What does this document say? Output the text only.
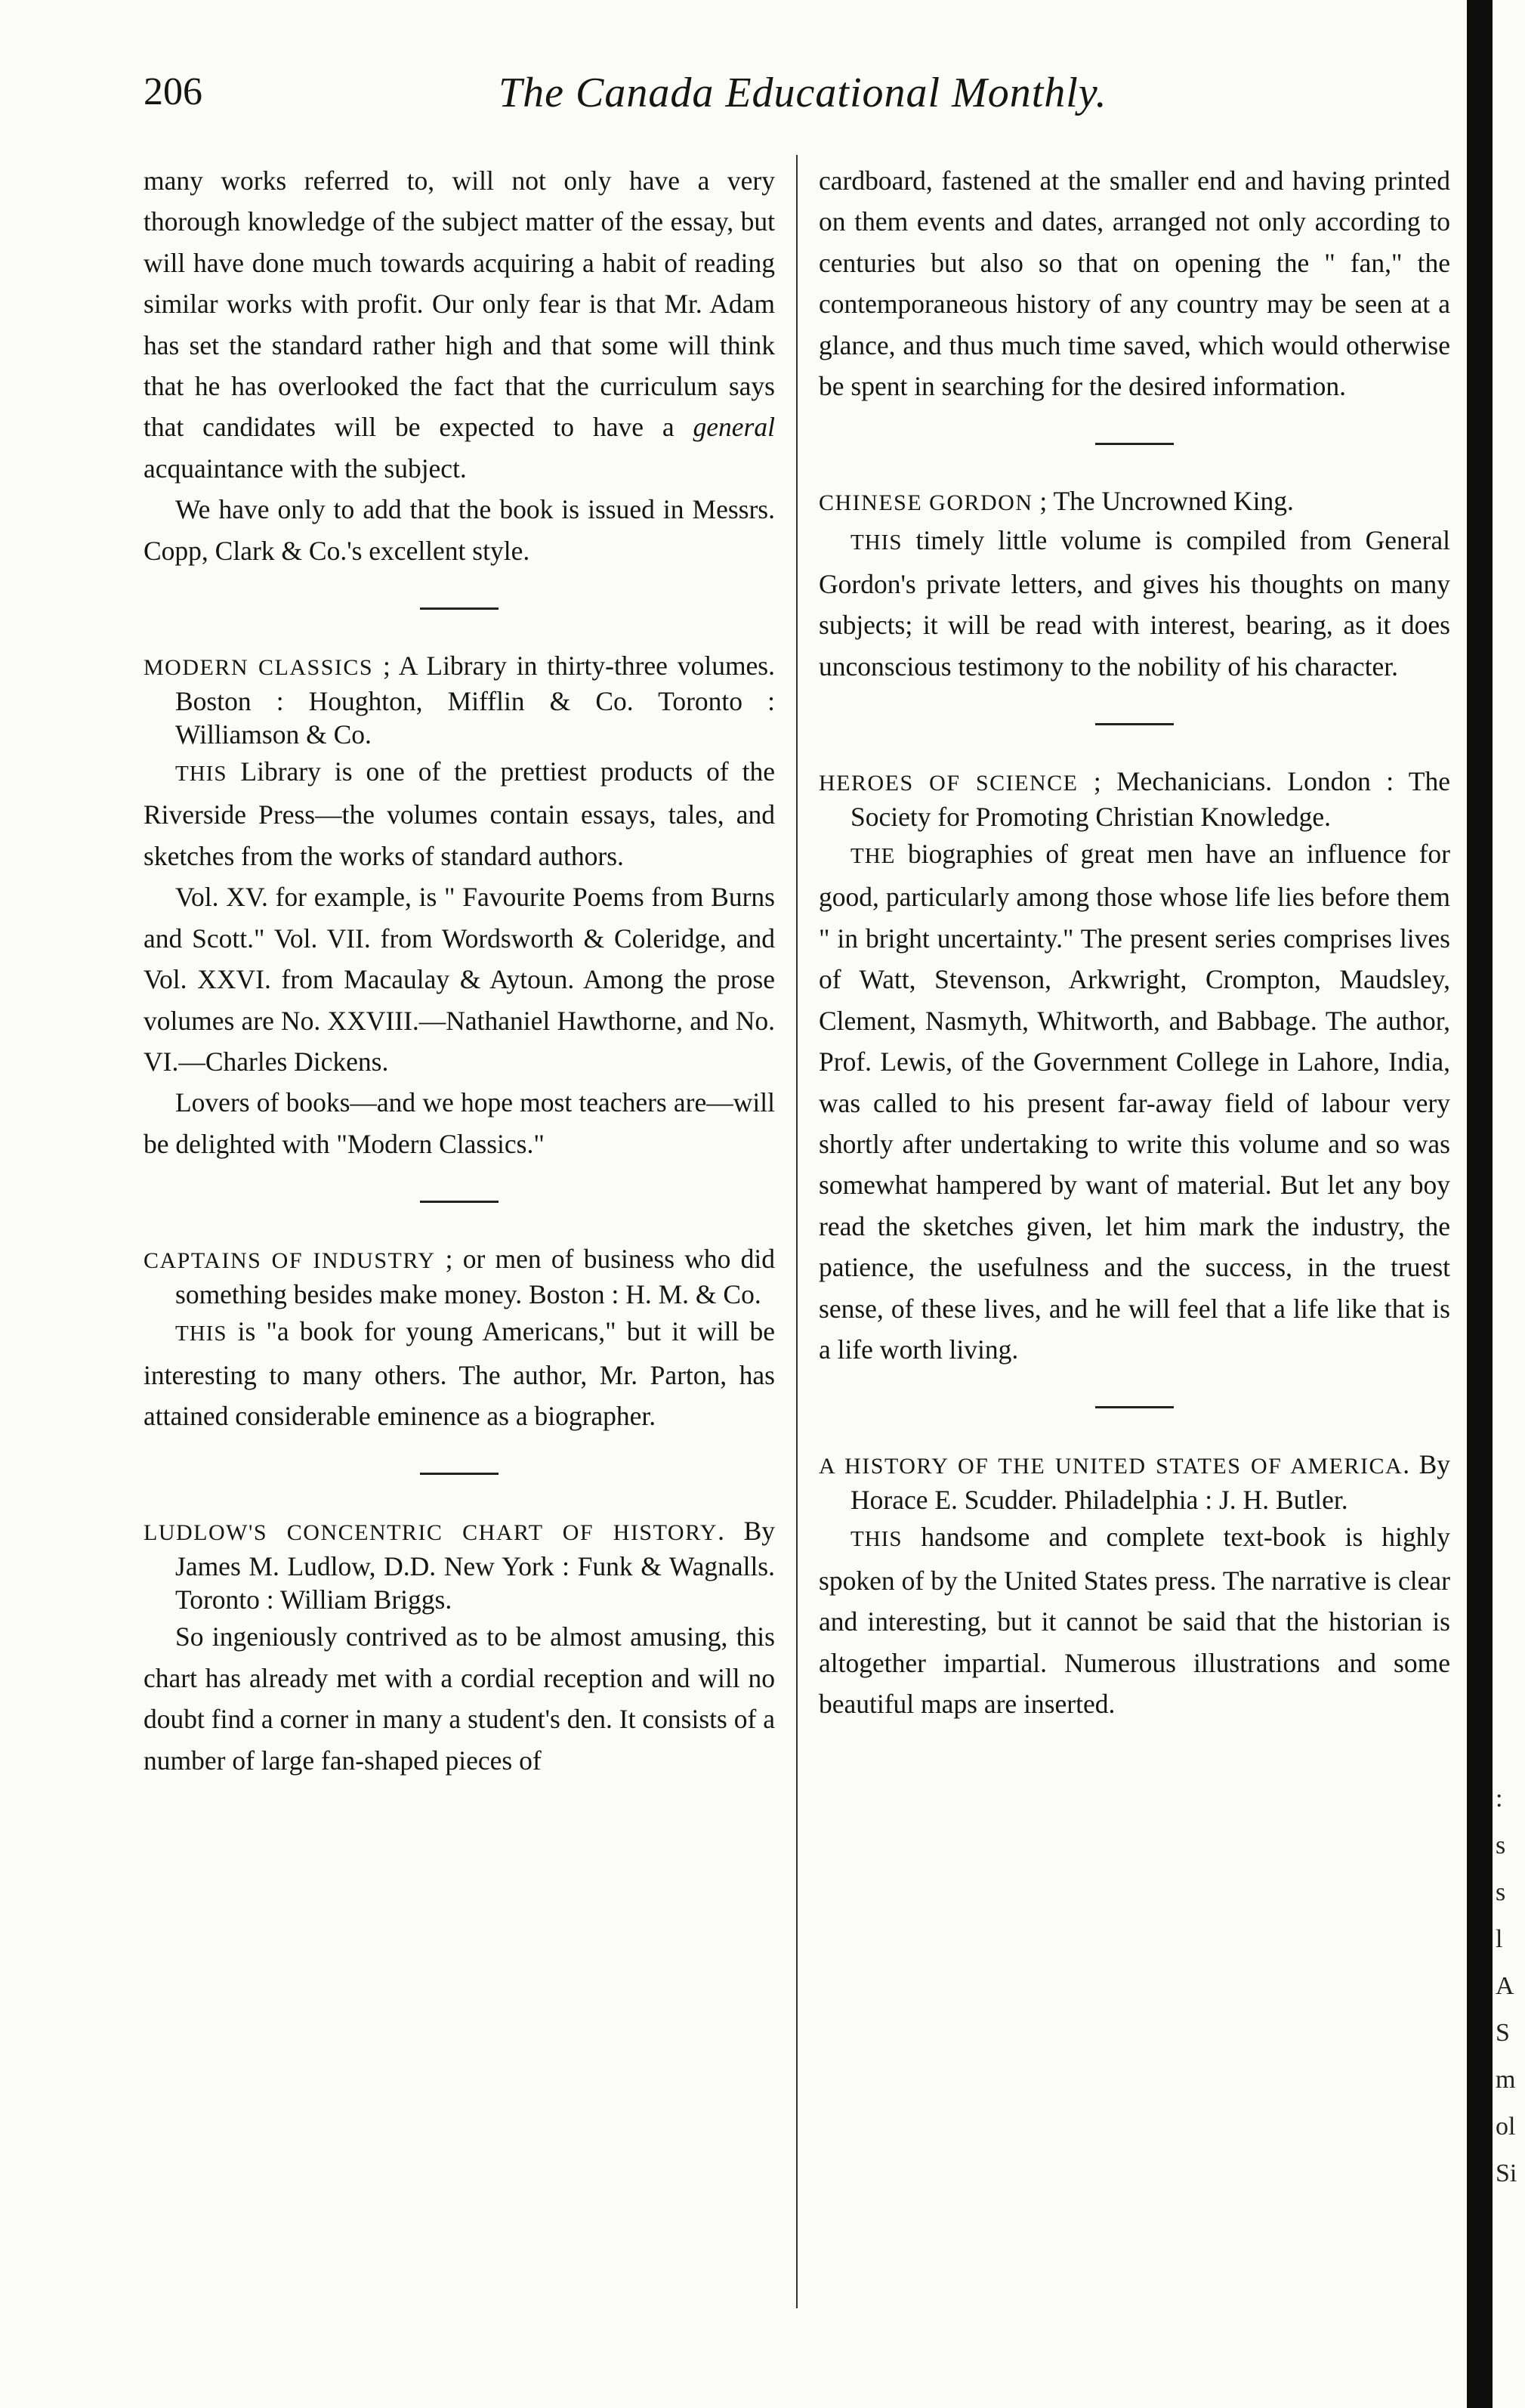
206	The Canada Educational Monthly.
:
s
s
l
A
S
m
ol
Si

many works referred to, will not only have a very thorough knowledge of the subject matter of the essay, but will have done much towards acquiring a habit of reading similar works with profit. Our only fear is that Mr. Adam has set the standard rather high and that some will think that he has overlooked the fact that the curriculum says that candidates will be expected to have a general acquaintance with the subject.

We have only to add that the book is issued in Messrs. Copp, Clark & Co.'s excellent style.

MODERN CLASSICS ; A Library in thirty-three volumes. Boston : Houghton, Mifflin & Co. Toronto : Williamson & Co.

THIS Library is one of the prettiest products of the Riverside Press—the volumes contain essays, tales, and sketches from the works of standard authors.

Vol. XV. for example, is " Favourite Poems from Burns and Scott." Vol. VII. from Wordsworth & Coleridge, and Vol. XXVI. from Macaulay & Aytoun. Among the prose volumes are No. XXVIII.—Nathaniel Hawthorne, and No. VI.—Charles Dickens.

Lovers of books—and we hope most teachers are—will be delighted with "Modern Classics."

CAPTAINS OF INDUSTRY ; or men of business who did something besides make money. Boston : H. M. & Co.

THIS is "a book for young Americans," but it will be interesting to many others. The author, Mr. Parton, has attained considerable eminence as a biographer.

LUDLOW'S CONCENTRIC CHART OF HISTORY. By James M. Ludlow, D.D. New York : Funk & Wagnalls. Toronto : William Briggs.

So ingeniously contrived as to be almost amusing, this chart has already met with a cordial reception and will no doubt find a corner in many a student's den. It consists of a number of large fan-shaped pieces of

cardboard, fastened at the smaller end and having printed on them events and dates, arranged not only according to centuries but also so that on opening the " fan," the contemporaneous history of any country may be seen at a glance, and thus much time saved, which would otherwise be spent in searching for the desired information.

CHINESE GORDON ; The Uncrowned King.

THIS timely little volume is compiled from General Gordon's private letters, and gives his thoughts on many subjects; it will be read with interest, bearing, as it does unconscious testimony to the nobility of his character.

HEROES OF SCIENCE ; Mechanicians. London : The Society for Promoting Christian Knowledge.

THE biographies of great men have an influence for good, particularly among those whose life lies before them " in bright uncertainty." The present series comprises lives of Watt, Stevenson, Arkwright, Crompton, Maudsley, Clement, Nasmyth, Whitworth, and Babbage. The author, Prof. Lewis, of the Government College in Lahore, India, was called to his present far-away field of labour very shortly after undertaking to write this volume and so was somewhat hampered by want of material. But let any boy read the sketches given, let him mark the industry, the patience, the usefulness and the success, in the truest sense, of these lives, and he will feel that a life like that is a life worth living.

A HISTORY OF THE UNITED STATES OF AMERICA. By Horace E. Scudder. Philadelphia : J. H. Butler.

THIS handsome and complete text-book is highly spoken of by the United States press. The narrative is clear and interesting, but it cannot be said that the historian is altogether impartial. Numerous illustrations and some beautiful maps are inserted.
